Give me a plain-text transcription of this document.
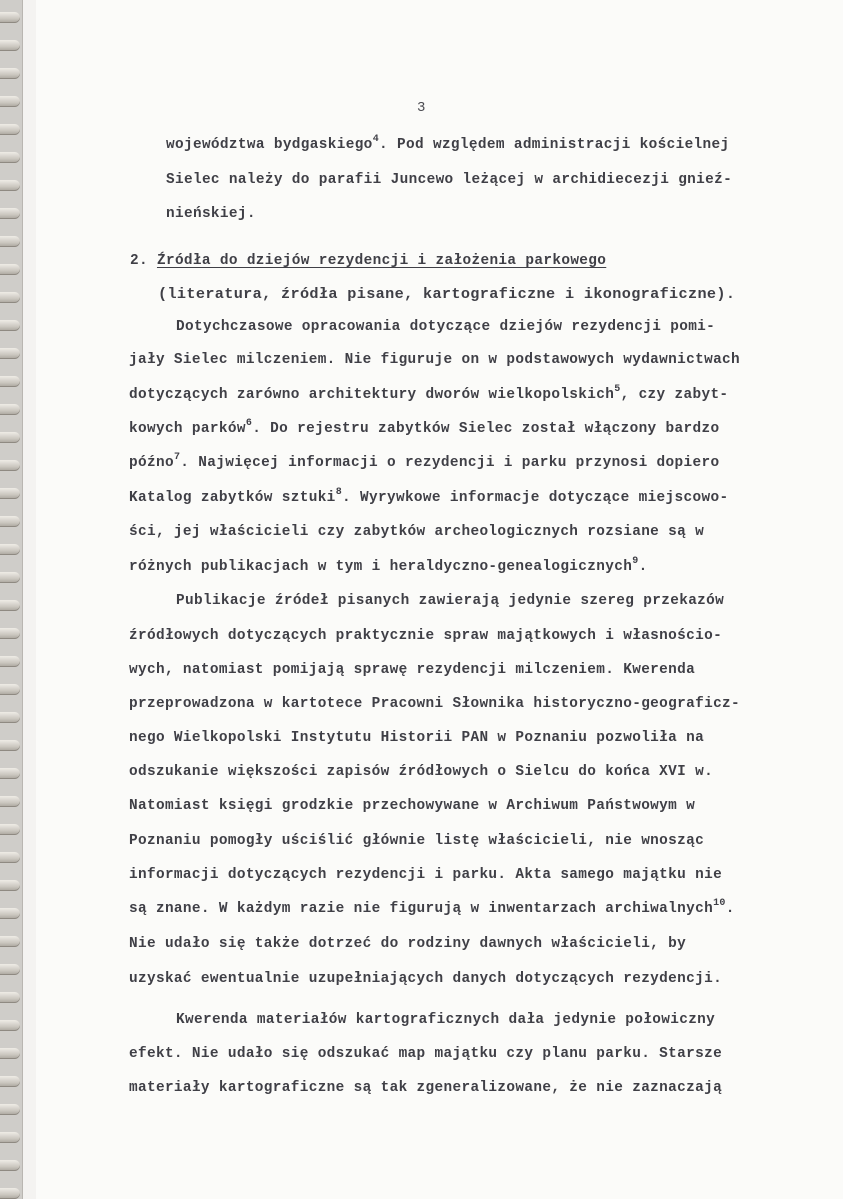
3
województwa bydgaskiego$^4$. Pod względem administracji kościelnej
Sielec należy do parafii Juncewo leżącej w archidiecezji gnieź-
nieńskiej.
2. Źródła do dziejów rezydencji i założenia parkowego
(literatura, źródła pisane, kartograficzne i ikonograficzne).
Dotychczasowe opracowania dotyczące dziejów rezydencji pomi-
jały Sielec milczeniem. Nie figuruje on w podstawowych wydawnictwach
dotyczących zarówno architektury dworów wielkopolskich$^5$, czy zabyt-
kowych parków$^6$. Do rejestru zabytków Sielec został włączony bardzo
późno$^7$. Najwięcej informacji o rezydencji i parku przynosi dopiero
Katalog zabytków sztuki$^8$. Wyrywkowe informacje dotyczące miejscowo-
ści, jej właścicieli czy zabytków archeologicznych rozsiane są w
różnych publikacjach w tym i heraldyczno-genealogicznych$^9$.
Publikacje źródeł pisanych zawierają jedynie szereg przekazów
źródłowych dotyczących praktycznie spraw majątkowych i własnościo-
wych, natomiast pomijają sprawę rezydencji milczeniem. Kwerenda
przeprowadzona w kartotece Pracowni Słownika historyczno-geograficz-
nego Wielkopolski Instytutu Historii PAN w Poznaniu pozwoliła na
odszukanie większości zapisów źródłowych o Sielcu do końca XVI w.
Natomiast księgi grodzkie przechowywane w Archiwum Państwowym w
Poznaniu pomogły uściślić głównie listę właścicieli, nie wnosząc
informacji dotyczących rezydencji i parku. Akta samego majątku nie
są znane. W każdym razie nie figurują w inwentarzach archiwalnych$^{10}$.
Nie udało się także dotrzeć do rodziny dawnych właścicieli, by
uzyskać ewentualnie uzupełniających danych dotyczących rezydencji.
Kwerenda materiałów kartograficznych dała jedynie połowiczny
efekt. Nie udało się odszukać map majątku czy planu parku. Starsze
materiały kartograficzne są tak zgeneralizowane, że nie zaznaczają
